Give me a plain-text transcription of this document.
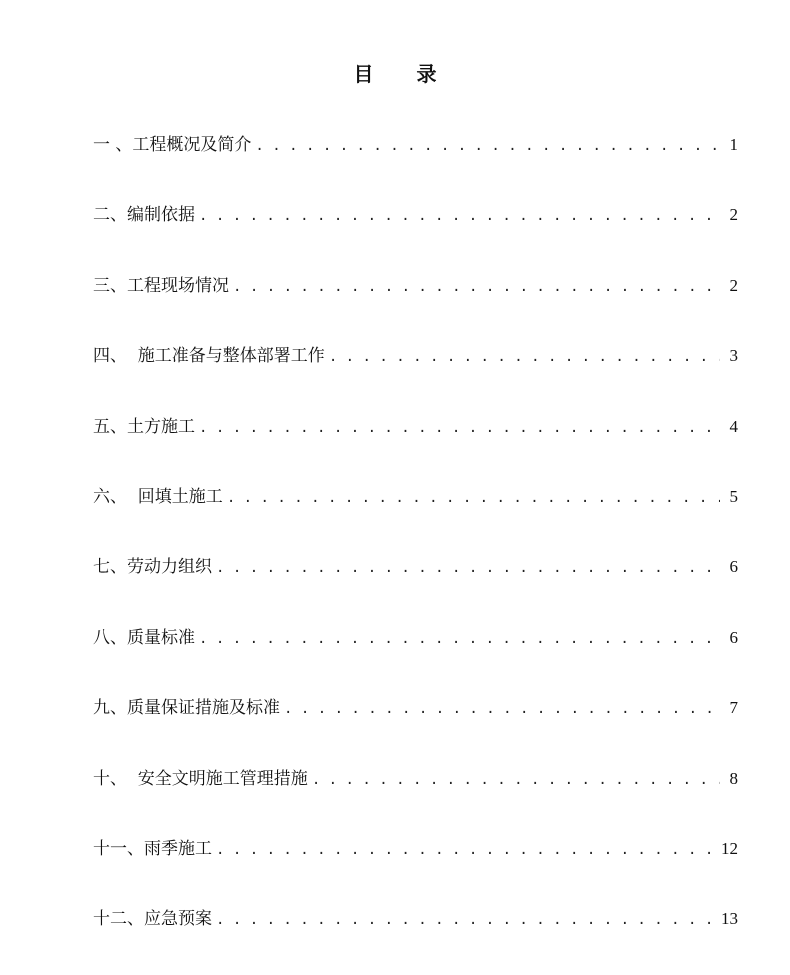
目 录
一 、工程概况及简介 . . .	1
二、编制依据 . . .	2
三、工程现场情况 . . .	2
四、  施工准备与整体部署工作 . . .	3
五、土方施工 . . .	4
六、  回填土施工 . . .	5
七、劳动力组织 . . .	6
八、质量标准 . . .	6
九、质量保证措施及标准 . . .	7
十、  安全文明施工管理措施 . . .	8
十一、雨季施工 . . .	12
十二、应急预案 . . .	13
